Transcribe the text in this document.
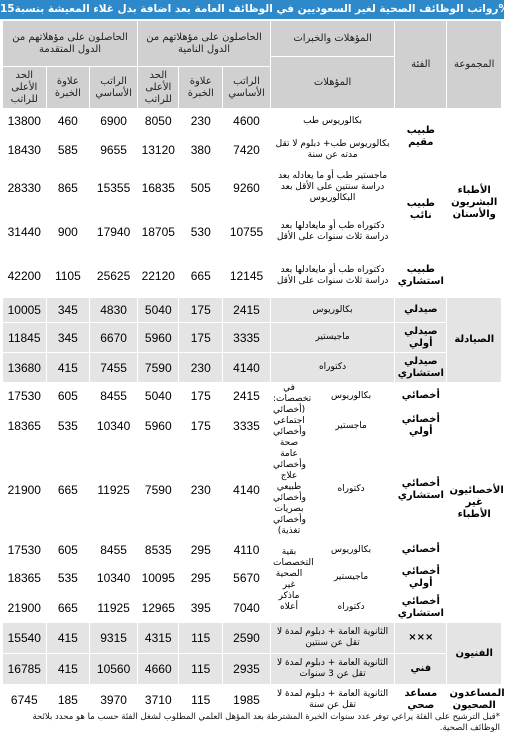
رواتب الوظائف الصحية لغير السعوديين في الوظائف العامة بعد اضافة بدل غلاء المعيشة بنسبة15%
الحاصلون على مؤهلاتهم من الدول المتقدمة			الحاصلون على مؤهلاتهم من الدول النامية			المؤهلات والخبرات		الفئة	المجموعة
						المؤهلات			
الحد الأعلى للراتب	علاوة الخبرة	الراتب الأساسي	الحد الأعلى للراتب	علاوة الخبرة	الراتب الأساسي				
13800	460	6900	8050	230	4600	بكالوريوس طب		طبيب مقيم	الأطباء البشريون والأسنان
18430	585	9655	13120	380	7420	بكالوريوس طب+ دبلوم لا تقل مدته عن سنة			
28330	865	15355	16835	505	9260	ماجستير طب أو ما يعادله بعد دراسة سنتين على الأقل بعد البكالوريوس		طبيب نائب	
31440	900	17940	18705	530	10755	دكتوراه طب أو مايعادلها بعد دراسة ثلاث سنوات على الأقل			
42200	1105	25625	22120	665	12145	دكتوراه طب أو مايعادلها بعد دراسة ثلاث سنوات على الأقل		طبيب استشاري	
10005	345	4830	5040	175	2415	بكالوريوس		صيدلي	الصيادلة
11845	345	6670	5960	175	3335	ماجيستير		صيدلي أولي	
13680	415	7455	7590	230	4140	دكتوراه		صيدلي استشاري	
17530	605	8455	5040	175	2415	في تخصصات: (أخصائي اجتماعي وأخصائي صحة عامة وأخصائي علاج طبيعي وأخصائي بصريات وأخصائي تغذية)	بكالوريوس	أخصائي	الأخصائيون غير الأطباء
18365	535	10340	5960	175	3335		ماجستير	أخصائي أولي	
21900	665	11925	7590	230	4140		دكتوراه	أخصائي استشاري	
17530	605	8455	8535	295	4110	بقية التخصصات الصحية غير ماذكر أعلاه	بكالوريوس	أخصائي	
18365	535	10340	10095	295	5670		ماجيستير	أخصائي أولي	
21900	665	11925	12965	395	7040		دكتوراه	أخصائي استشاري	
15540	415	9315	4315	115	2590	الثانوية العامة + دبلوم لمدة لا تقل عن سنتين		×××	الفنيون
16785	415	10560	4660	115	2935	الثانوية العامة + دبلوم لمدة لا تقل عن 3 سنوات		فني	
6745	185	3970	3710	115	1985	الثانوية العامة + دبلوم لمدة لا تقل عن سنة		مساعد صحي	المساعدون الصحيون
*قبل الترشيح على الفئة يراعي توفر عدد سنوات الخبرة المشترطة بعد المؤهل العلمي المطلوب لشغل الفئة حسب ما هو محدد بلائحة الوظائف الصحية.
